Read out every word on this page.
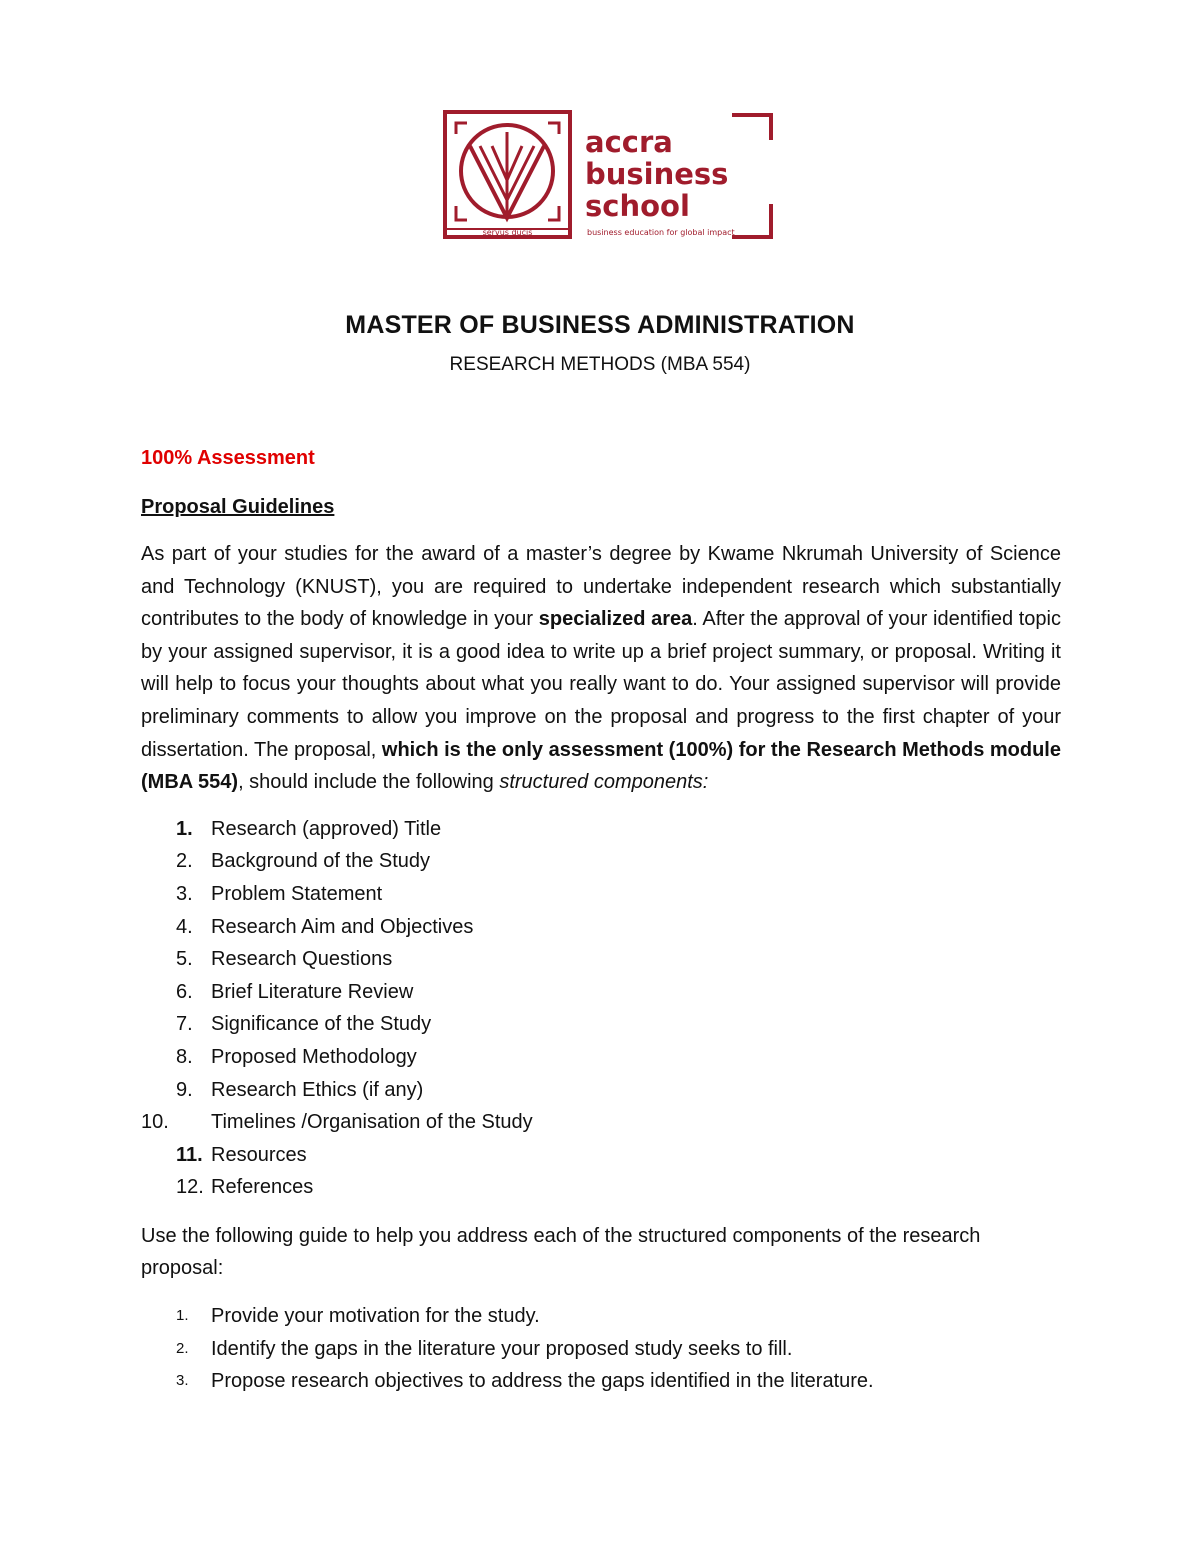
accra
business
school
servus ducis	business education for global impact
MASTER OF BUSINESS ADMINISTRATION
RESEARCH METHODS (MBA 554)
100% Assessment
Proposal Guidelines

As part of your studies for the award of a master’s degree by Kwame Nkrumah University of Science and Technology (KNUST), you are required to undertake independent research which substantially contributes to the body of knowledge in your specialized area. After the approval of your identified topic by your assigned supervisor, it is a good idea to write up a brief project summary, or proposal. Writing it will help to focus your thoughts about what you really want to do. Your assigned supervisor will provide preliminary comments to allow you improve on the proposal and progress to the first chapter of your dissertation. The proposal, which is the only assessment (100%) for the Research Methods module (MBA 554), should include the following structured components:

1. Research (approved) Title
2. Background of the Study
3. Problem Statement
4. Research Aim and Objectives
5. Research Questions
6. Brief Literature Review
7. Significance of the Study
8. Proposed Methodology
9. Research Ethics (if any)
10.	Timelines /Organisation of the Study
11. Resources
12. References

Use the following guide to help you address each of the structured components of the research proposal:

1.	Provide your motivation for the study.
2.	Identify the gaps in the literature your proposed study seeks to fill.
3.	Propose research objectives to address the gaps identified in the literature.
